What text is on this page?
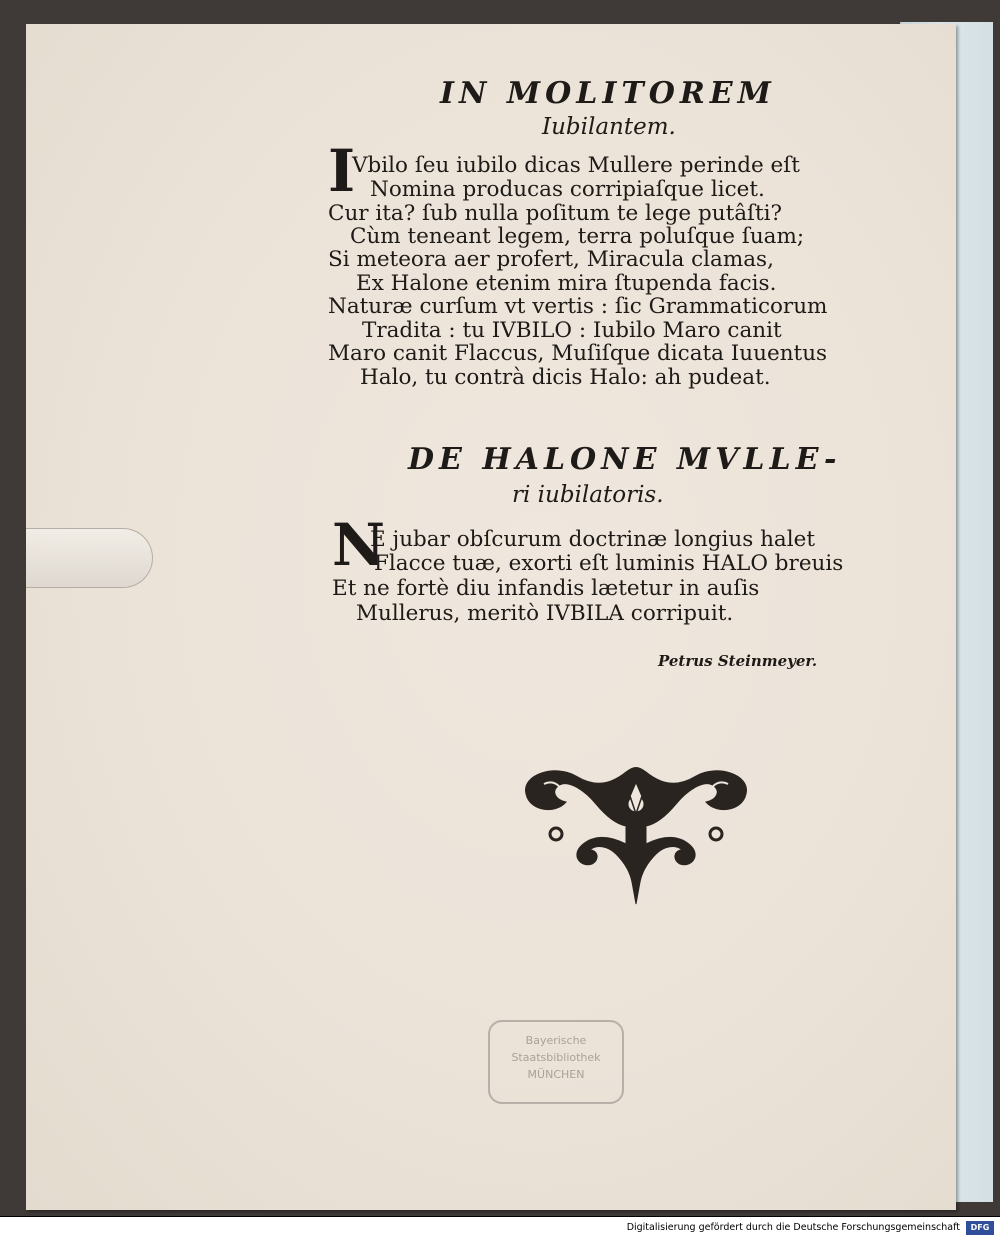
IN MOLITOREM
Iubilantem.
I
Vbilo ſeu iubilo dicas Mullere perinde eſt
Nomina producas corripiaſque licet.
Cur ita? ſub nulla poſitum te lege putâſti?
Cùm teneant legem, terra poluſque ſuam;
Si meteora aer profert, Miracula clamas,
Ex Halone etenim mira ſtupenda facis.
Naturæ curſum vt vertis : ſic Grammaticorum
Tradita : tu IVBILO : Iubilo Maro canit
Maro canit Flaccus, Muſiſque dicata Iuuentus
Halo, tu contrà dicis Halo: ah pudeat.
DE HALONE MVLLE-
ri iubilatoris.
N
E jubar obſcurum doctrinæ longius halet
Flacce tuæ, exorti eſt luminis HALO breuis
Et ne fortè diu infandis lætetur in auſis
Mullerus, meritò IVBILA corripuit.
Petrus Steinmeyer.
Bayerische
Staatsbibliothek
MÜNCHEN
Digitalisierung gefördert durch die Deutsche Forschungsgemeinschaft	DFG
